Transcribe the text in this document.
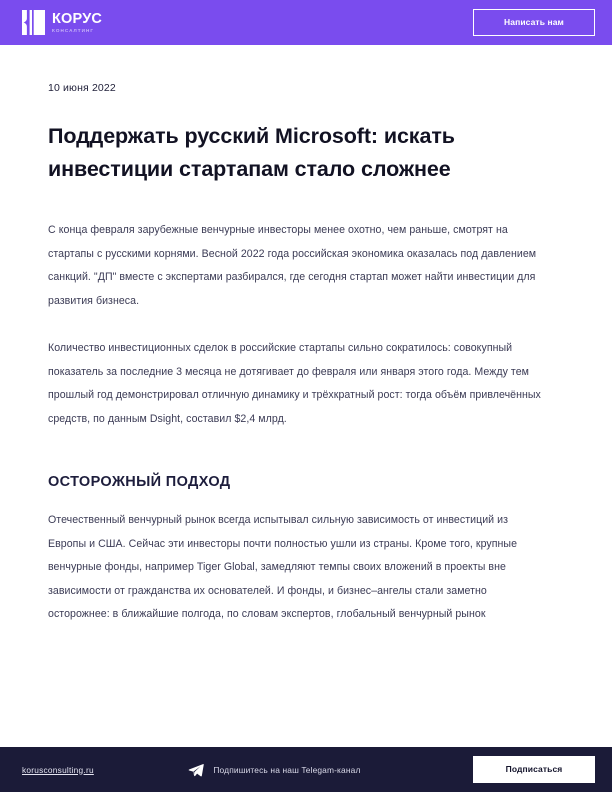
КОРУС
КОНСАЛТИНГ
Написать нам
10 июня 2022
Поддержать русский Microsoft: искать инвестиции стартапам стало сложнее

С конца февраля зарубежные венчурные инвесторы менее охотно, чем раньше, смотрят на стартапы с русскими корнями. Весной 2022 года российская экономика оказалась под давлением санкций. "ДП" вместе с экспертами разбирался, где сегодня стартап может найти инвестиции для развития бизнеса.

Количество инвестиционных сделок в российские стартапы сильно сократилось: совокупный показатель за последние 3 месяца не дотягивает до февраля или января этого года. Между тем прошлый год демонстрировал отличную динамику и трёхкратный рост: тогда объём привлечённых средств, по данным Dsight, составил $2,4 млрд.

ОСТОРОЖНЫЙ ПОДХОД

Отечественный венчурный рынок всегда испытывал сильную зависимость от инвестиций из Европы и США. Сейчас эти инвесторы почти полностью ушли из страны. Кроме того, крупные венчурные фонды, например Tiger Global, замедляют темпы своих вложений в проекты вне зависимости от гражданства их основателей. И фонды, и бизнес–ангелы стали заметно осторожнее: в ближайшие полгода, по словам экспертов, глобальный венчурный рынок

korusconsulting.ru	Подпишитесь на наш Telegam-канал	Подписаться
